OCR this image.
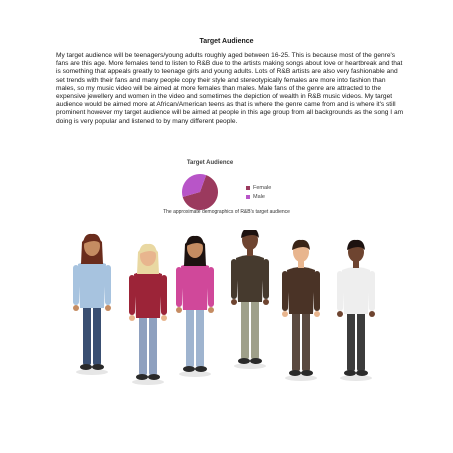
Target Audience
My target audience will be teenagers/young adults roughly aged between 16-25. This is because most of the genre's fans are this age. More females tend to listen to R&B due to the artists making songs about love or heartbreak and that is something that appeals greatly to teenage girls and young adults. Lots of R&B artists are also very fashionable and set trends with their fans and many people copy their style and stereotypically females are more into fashion than males, so my music video will be aimed at more females than males. Male fans of the genre are attracted to the expensive jewellery and women in the video and sometimes the depiction of wealth in R&B music videos. My target audience would be aimed more at African/American teens as that is where the genre came from and is where it's still prominent however my target audience will be aimed at people in this age group from all backgrounds as the song I am doing is very popular and listened to by many different people.
Target Audience
Female
Male
The approximate demographics of R&B's target audience
